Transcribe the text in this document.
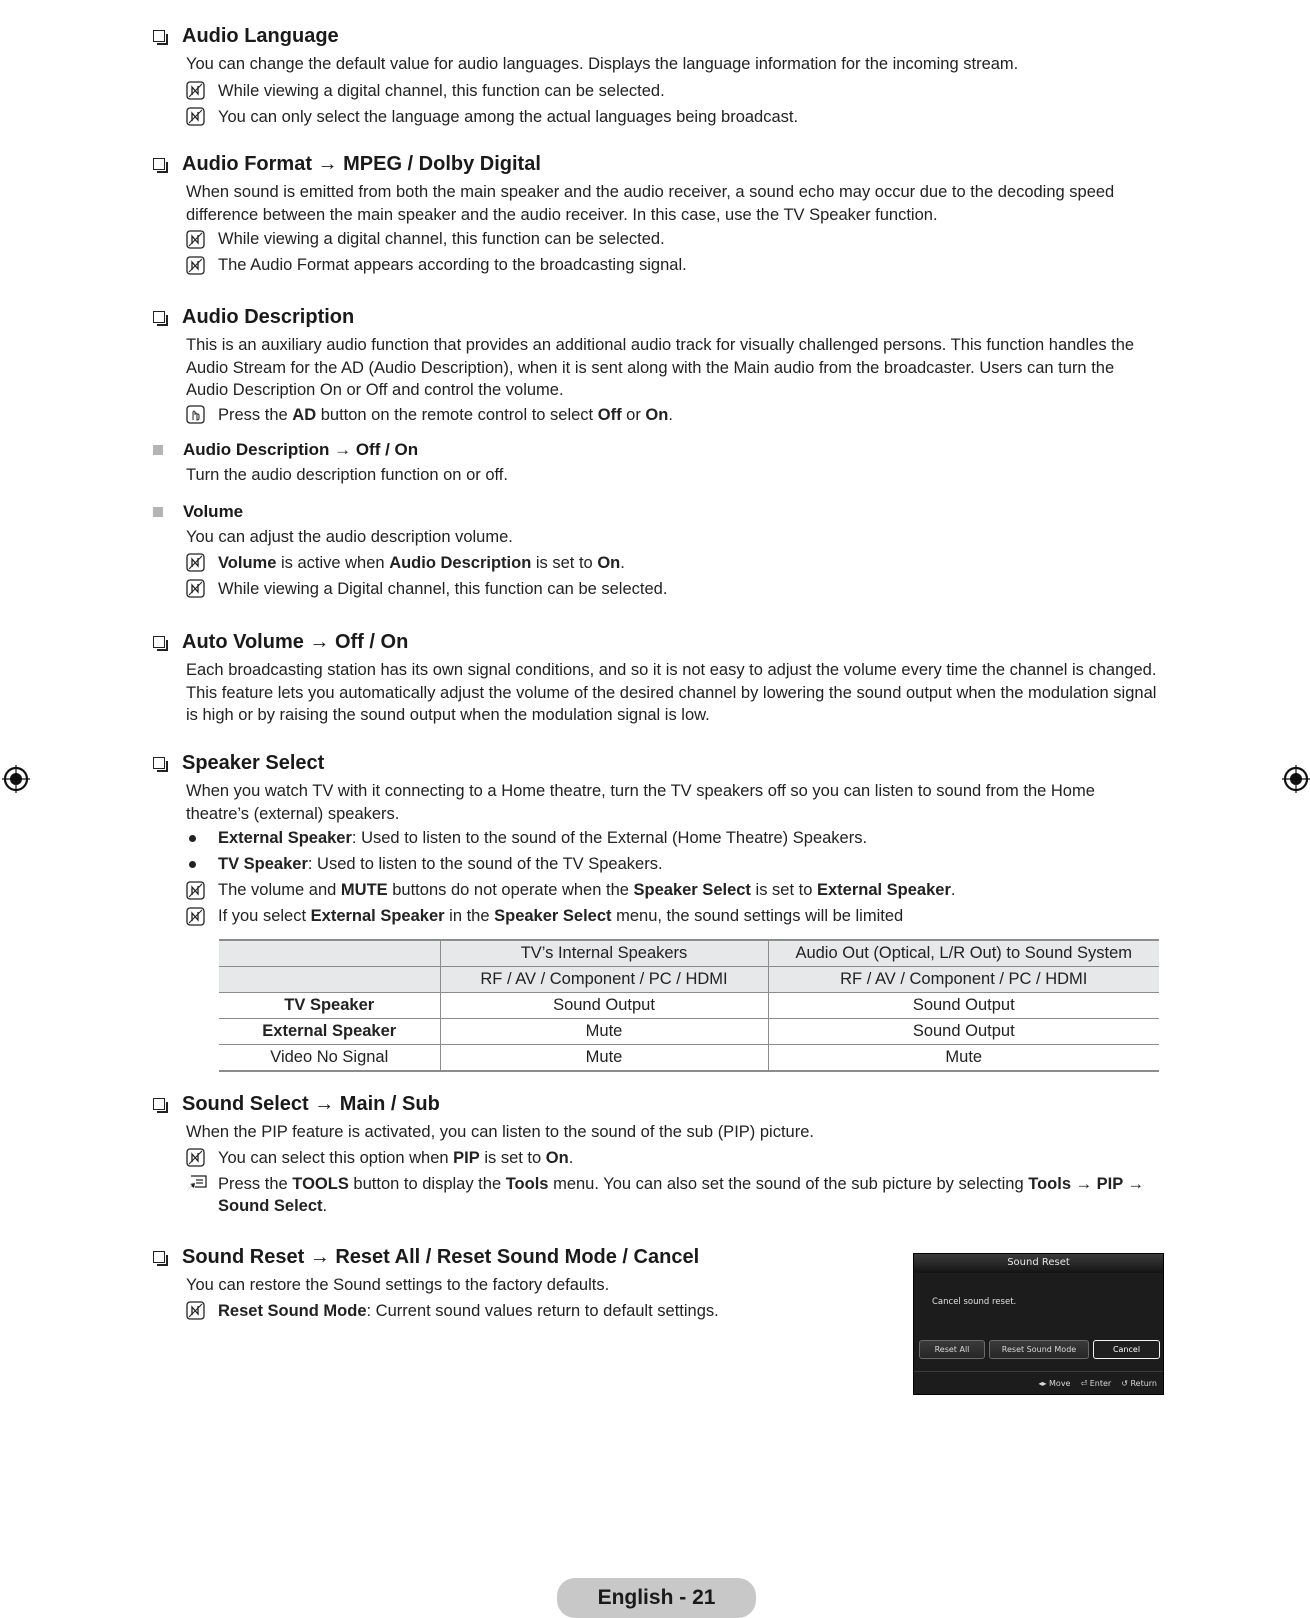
Audio Language
You can change the default value for audio languages. Displays the language information for the incoming stream.
While viewing a digital channel, this function can be selected.
You can only select the language among the actual languages being broadcast.
Audio Format → MPEG / Dolby Digital
When sound is emitted from both the main speaker and the audio receiver, a sound echo may occur due to the decoding speed difference between the main speaker and the audio receiver. In this case, use the TV Speaker function.
While viewing a digital channel, this function can be selected.
The Audio Format appears according to the broadcasting signal.
Audio Description
This is an auxiliary audio function that provides an additional audio track for visually challenged persons. This function handles the Audio Stream for the AD (Audio Description), when it is sent along with the Main audio from the broadcaster. Users can turn the Audio Description On or Off and control the volume.
Press the AD button on the remote control to select Off or On.
Audio Description → Off / On
Turn the audio description function on or off.
Volume
You can adjust the audio description volume.
Volume is active when Audio Description is set to On.
While viewing a Digital channel, this function can be selected.
Auto Volume → Off / On
Each broadcasting station has its own signal conditions, and so it is not easy to adjust the volume every time the channel is changed. This feature lets you automatically adjust the volume of the desired channel by lowering the sound output when the modulation signal is high or by raising the sound output when the modulation signal is low.
Speaker Select
When you watch TV with it connecting to a Home theatre, turn the TV speakers off so you can listen to sound from the Home theatre’s (external) speakers.
External Speaker: Used to listen to the sound of the External (Home Theatre) Speakers.
TV Speaker: Used to listen to the sound of the TV Speakers.
The volume and MUTE buttons do not operate when the Speaker Select is set to External Speaker.
If you select External Speaker in the Speaker Select menu, the sound settings will be limited
	TV’s Internal Speakers	Audio Out (Optical, L/R Out) to Sound System
	RF / AV / Component / PC / HDMI	RF / AV / Component / PC / HDMI
TV Speaker	Sound Output	Sound Output
External Speaker	Mute	Sound Output
Video No Signal	Mute	Mute
Sound Select → Main / Sub
When the PIP feature is activated, you can listen to the sound of the sub (PIP) picture.
You can select this option when PIP is set to On.
Press the TOOLS button to display the Tools menu. You can also set the sound of the sub picture by selecting Tools → PIP → Sound Select.
Sound Reset → Reset All / Reset Sound Mode / Cancel
You can restore the Sound settings to the factory defaults.
Reset Sound Mode: Current sound values return to default settings.
Sound Reset
Cancel sound reset.
Reset All	Reset Sound Mode	Cancel
◂▸ Move ⏎ Enter ↺ Return
English - 21
